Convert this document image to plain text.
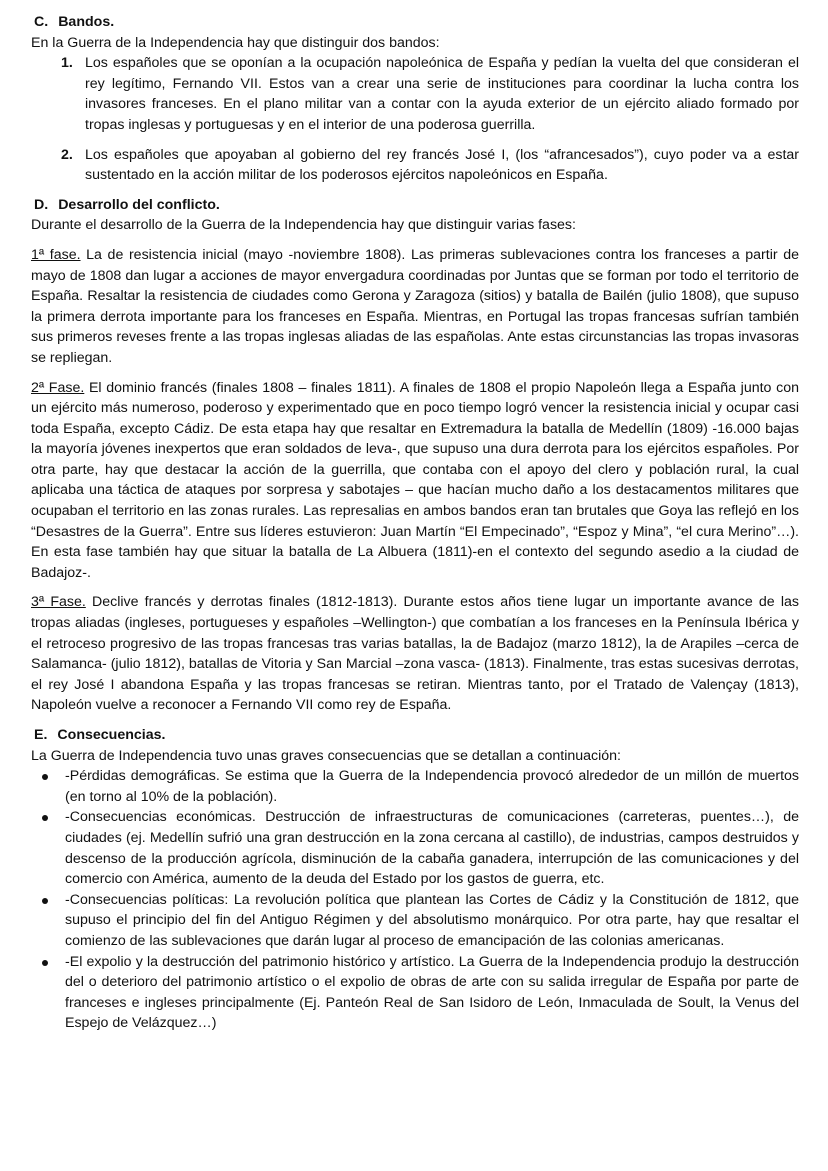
C. Bandos.

En la Guerra de la Independencia hay que distinguir dos bandos:

1. Los españoles que se oponían a la ocupación napoleónica de España y pedían la vuelta del que consideran el rey legítimo, Fernando VII. Estos van a crear una serie de instituciones para coordinar la lucha contra los invasores franceses. En el plano militar van a contar con la ayuda exterior de un ejército aliado formado por tropas inglesas y portuguesas y en el interior de una poderosa guerrilla.
2. Los españoles que apoyaban al gobierno del rey francés José I, (los “afrancesados”), cuyo poder va a estar sustentado en la acción militar de los poderosos ejércitos napoleónicos en España.
D. Desarrollo del conflicto.

Durante el desarrollo de la Guerra de la Independencia hay que distinguir varias fases:

1ª fase. La de resistencia inicial (mayo -noviembre 1808). Las primeras sublevaciones contra los franceses a partir de mayo de 1808 dan lugar a acciones de mayor envergadura coordinadas por Juntas que se forman por todo el territorio de España. Resaltar la resistencia de ciudades como Gerona y Zaragoza (sitios) y batalla de Bailén (julio 1808), que supuso la primera derrota importante para los franceses en España. Mientras, en Portugal las tropas francesas sufrían también sus primeros reveses frente a las tropas inglesas aliadas de las españolas. Ante estas circunstancias las tropas invasoras se repliegan.

2ª Fase. El dominio francés (finales 1808 – finales 1811). A finales de 1808 el propio Napoleón llega a España junto con un ejército más numeroso, poderoso y experimentado que en poco tiempo logró vencer la resistencia inicial y ocupar casi toda España, excepto Cádiz. De esta etapa hay que resaltar en Extremadura la batalla de Medellín (1809) -16.000 bajas la mayoría jóvenes inexpertos que eran soldados de leva-, que supuso una dura derrota para los ejércitos españoles. Por otra parte, hay que destacar la acción de la guerrilla, que contaba con el apoyo del clero y población rural, la cual aplicaba una táctica de ataques por sorpresa y sabotajes – que hacían mucho daño a los destacamentos militares que ocupaban el territorio en las zonas rurales. Las represalias en ambos bandos eran tan brutales que Goya las reflejó en los “Desastres de la Guerra”. Entre sus líderes estuvieron: Juan Martín “El Empecinado”, “Espoz y Mina”, “el cura Merino”…). En esta fase también hay que situar la batalla de La Albuera (1811)-en el contexto del segundo asedio a la ciudad de Badajoz-.

3ª Fase. Declive francés y derrotas finales (1812-1813). Durante estos años tiene lugar un importante avance de las tropas aliadas (ingleses, portugueses y españoles –Wellington-) que combatían a los franceses en la Península Ibérica y el retroceso progresivo de las tropas francesas tras varias batallas, la de Badajoz (marzo 1812), la de Arapiles –cerca de Salamanca- (julio 1812), batallas de Vitoria y San Marcial –zona vasca- (1813). Finalmente, tras estas sucesivas derrotas, el rey José I abandona España y las tropas francesas se retiran. Mientras tanto, por el Tratado de Valençay (1813), Napoleón vuelve a reconocer a Fernando VII como rey de España.

E. Consecuencias.

La Guerra de Independencia tuvo unas graves consecuencias que se detallan a continuación:

-Pérdidas demográficas. Se estima que la Guerra de la Independencia provocó alrededor de un millón de muertos (en torno al 10% de la población).
-Consecuencias económicas. Destrucción de infraestructuras de comunicaciones (carreteras, puentes…), de ciudades (ej. Medellín sufrió una gran destrucción en la zona cercana al castillo), de industrias, campos destruidos y descenso de la producción agrícola, disminución de la cabaña ganadera, interrupción de las comunicaciones y del comercio con América, aumento de la deuda del Estado por los gastos de guerra, etc.
-Consecuencias políticas: La revolución política que plantean las Cortes de Cádiz y la Constitución de 1812, que supuso el principio del fin del Antiguo Régimen y del absolutismo monárquico. Por otra parte, hay que resaltar el comienzo de las sublevaciones que darán lugar al proceso de emancipación de las colonias americanas.
-El expolio y la destrucción del patrimonio histórico y artístico. La Guerra de la Independencia produjo la destrucción del o deterioro del patrimonio artístico o el expolio de obras de arte con su salida irregular de España por parte de franceses e ingleses principalmente (Ej. Panteón Real de San Isidoro de León, Inmaculada de Soult, la Venus del Espejo de Velázquez…)
